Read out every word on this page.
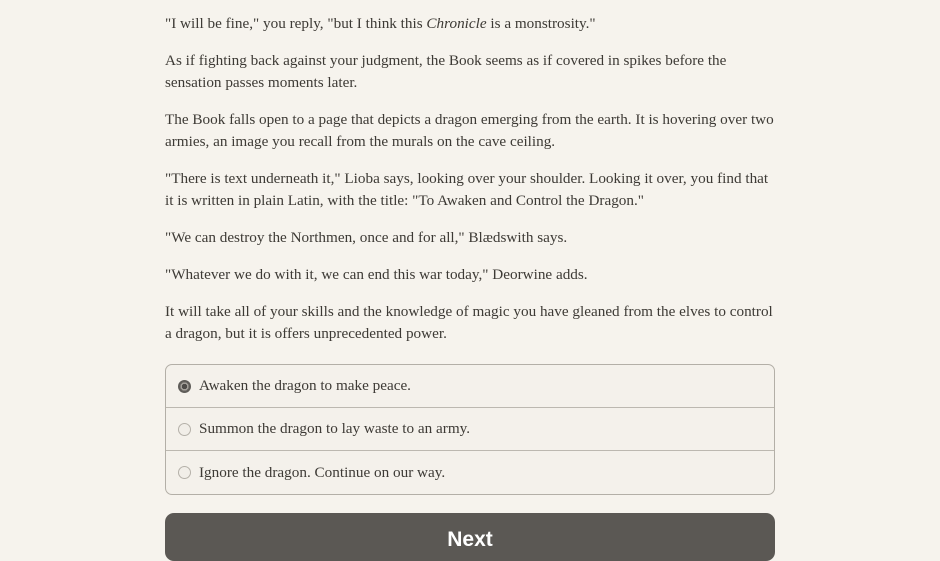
"I will be fine," you reply, "but I think this Chronicle is a monstrosity."

As if fighting back against your judgment, the Book seems as if covered in spikes before the sensation passes moments later.

The Book falls open to a page that depicts a dragon emerging from the earth. It is hovering over two armies, an image you recall from the murals on the cave ceiling.

"There is text underneath it," Lioba says, looking over your shoulder. Looking it over, you find that it is written in plain Latin, with the title: "To Awaken and Control the Dragon."

"We can destroy the Northmen, once and for all," Blædswith says.

"Whatever we do with it, we can end this war today," Deorwine adds.

It will take all of your skills and the knowledge of magic you have gleaned from the elves to control a dragon, but it is offers unprecedented power.

Awaken the dragon to make peace.
Summon the dragon to lay waste to an army.
Ignore the dragon. Continue on our way.
Next
